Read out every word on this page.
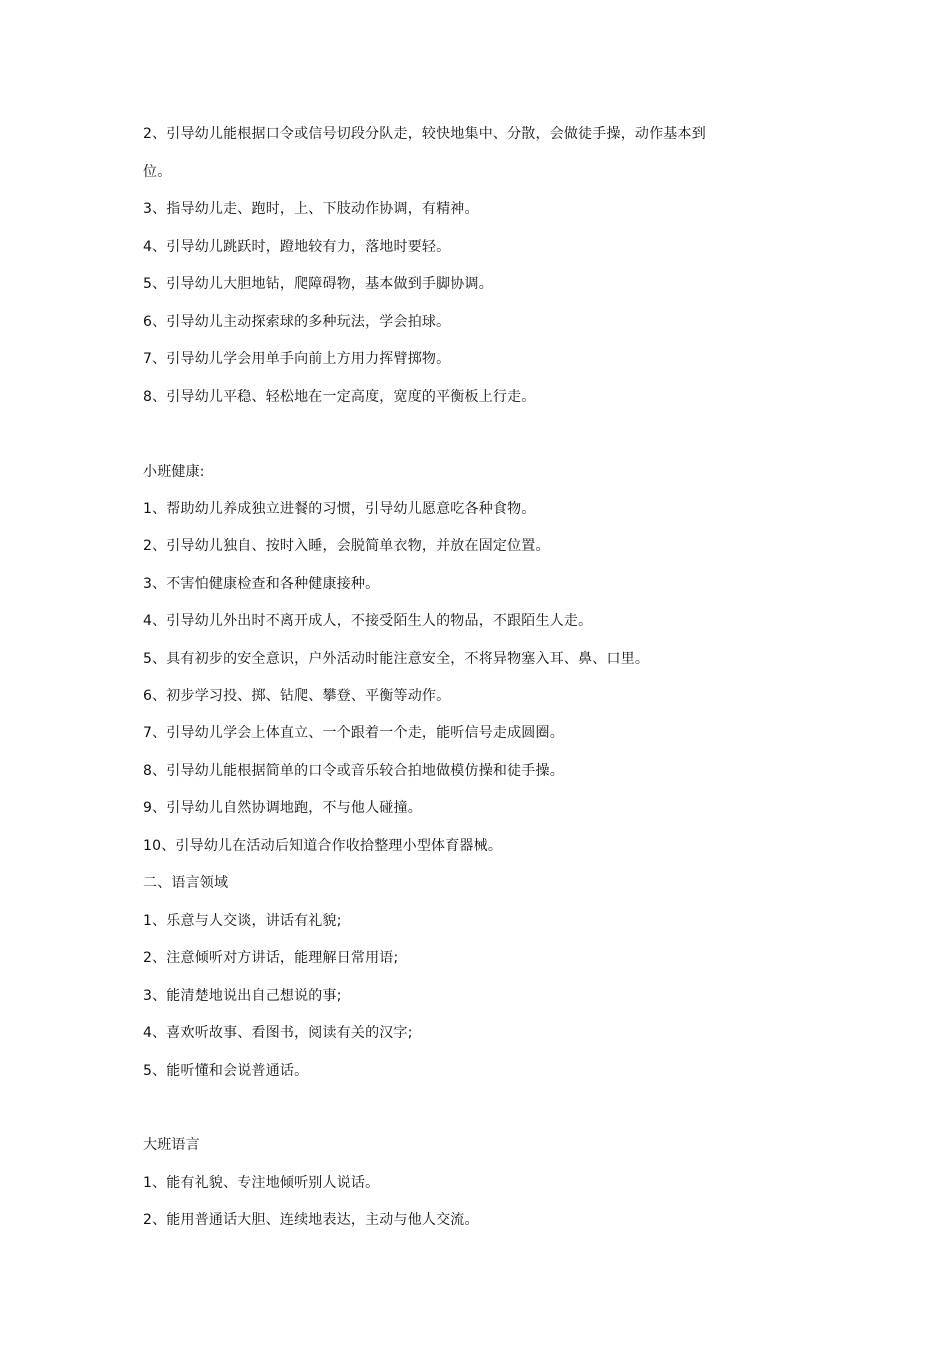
2、引导幼儿能根据口令或信号切段分队走，较快地集中、分散，会做徒手操，动作基本到
位。
3、指导幼儿走、跑时，上、下肢动作协调，有精神。
4、引导幼儿跳跃时，蹬地较有力，落地时要轻。
5、引导幼儿大胆地钻，爬障碍物，基本做到手脚协调。
6、引导幼儿主动探索球的多种玩法，学会拍球。
7、引导幼儿学会用单手向前上方用力挥臂掷物。
8、引导幼儿平稳、轻松地在一定高度，宽度的平衡板上行走。
小班健康:
1、帮助幼儿养成独立进餐的习惯，引导幼儿愿意吃各种食物。
2、引导幼儿独自、按时入睡，会脱简单衣物，并放在固定位置。
3、不害怕健康检查和各种健康接种。
4、引导幼儿外出时不离开成人，不接受陌生人的物品，不跟陌生人走。
5、具有初步的安全意识，户外活动时能注意安全，不将异物塞入耳、鼻、口里。
6、初步学习投、掷、钻爬、攀登、平衡等动作。
7、引导幼儿学会上体直立、一个跟着一个走，能听信号走成圆圈。
8、引导幼儿能根据简单的口令或音乐较合拍地做模仿操和徒手操。
9、引导幼儿自然协调地跑，不与他人碰撞。
10、引导幼儿在活动后知道合作收拾整理小型体育器械。
二、语言领域
1、乐意与人交谈，讲话有礼貌;
2、注意倾听对方讲话，能理解日常用语;
3、能清楚地说出自己想说的事;
4、喜欢听故事、看图书，阅读有关的汉字;
5、能听懂和会说普通话。
大班语言
1、能有礼貌、专注地倾听别人说话。
2、能用普通话大胆、连续地表达，主动与他人交流。
